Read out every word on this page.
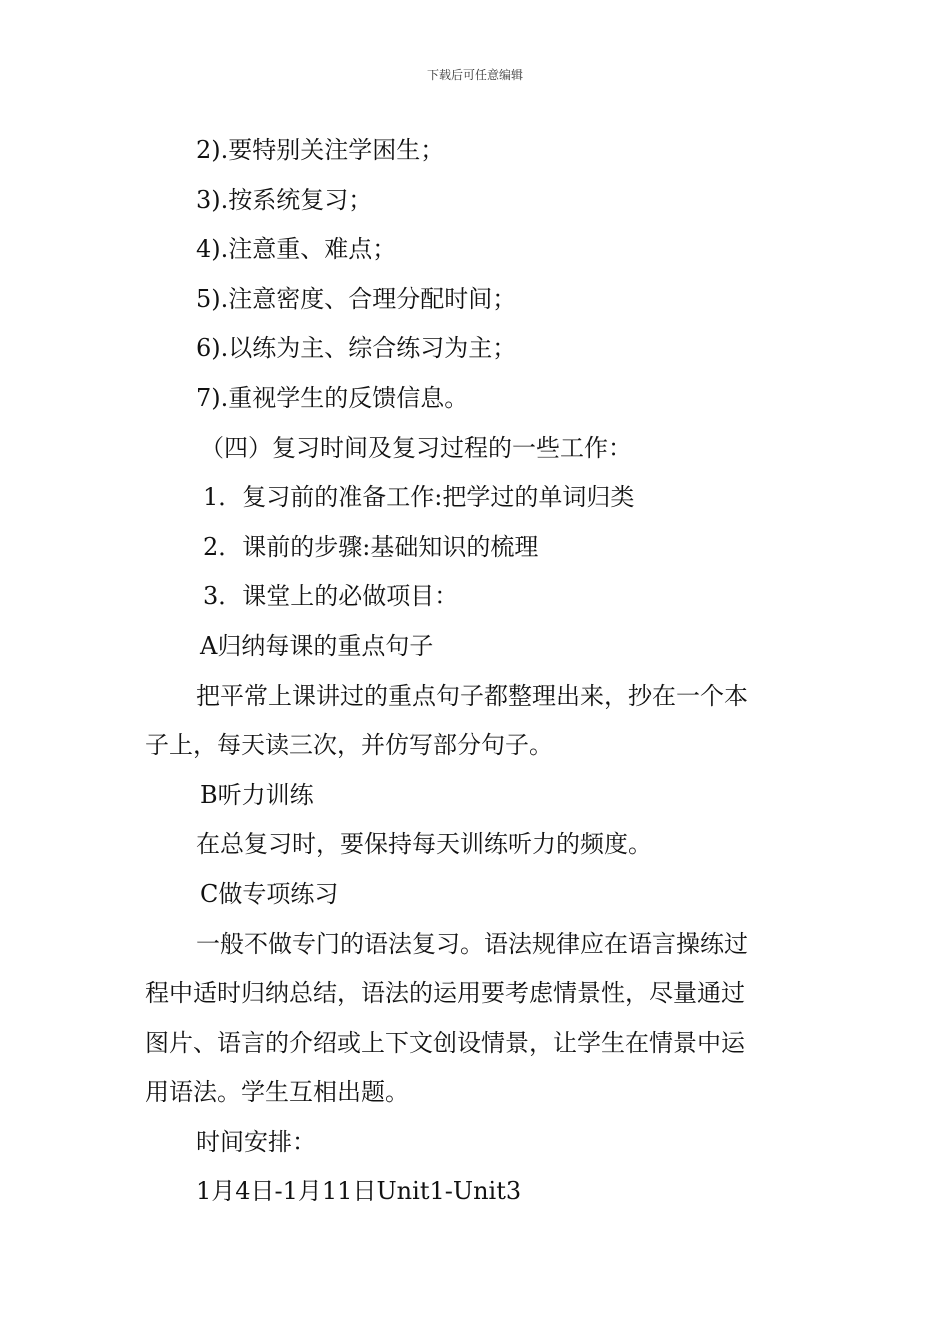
下载后可任意编辑
2).要特别关注学困生；
3).按系统复习；
4).注意重、难点；
5).注意密度、合理分配时间；
6).以练为主、综合练习为主；
7).重视学生的反馈信息。
（四）复习时间及复习过程的一些工作：
1．复习前的准备工作:把学过的单词归类
2．课前的步骤:基础知识的梳理
3．课堂上的必做项目：
A归纳每课的重点句子
把平常上课讲过的重点句子都整理出来，抄在一个本
子上，每天读三次，并仿写部分句子。
B听力训练
在总复习时，要保持每天训练听力的频度。
C做专项练习
一般不做专门的语法复习。语法规律应在语言操练过
程中适时归纳总结，语法的运用要考虑情景性，尽量通过
图片、语言的介绍或上下文创设情景，让学生在情景中运
用语法。学生互相出题。
时间安排：
1月4日-1月11日Unit1-Unit3
